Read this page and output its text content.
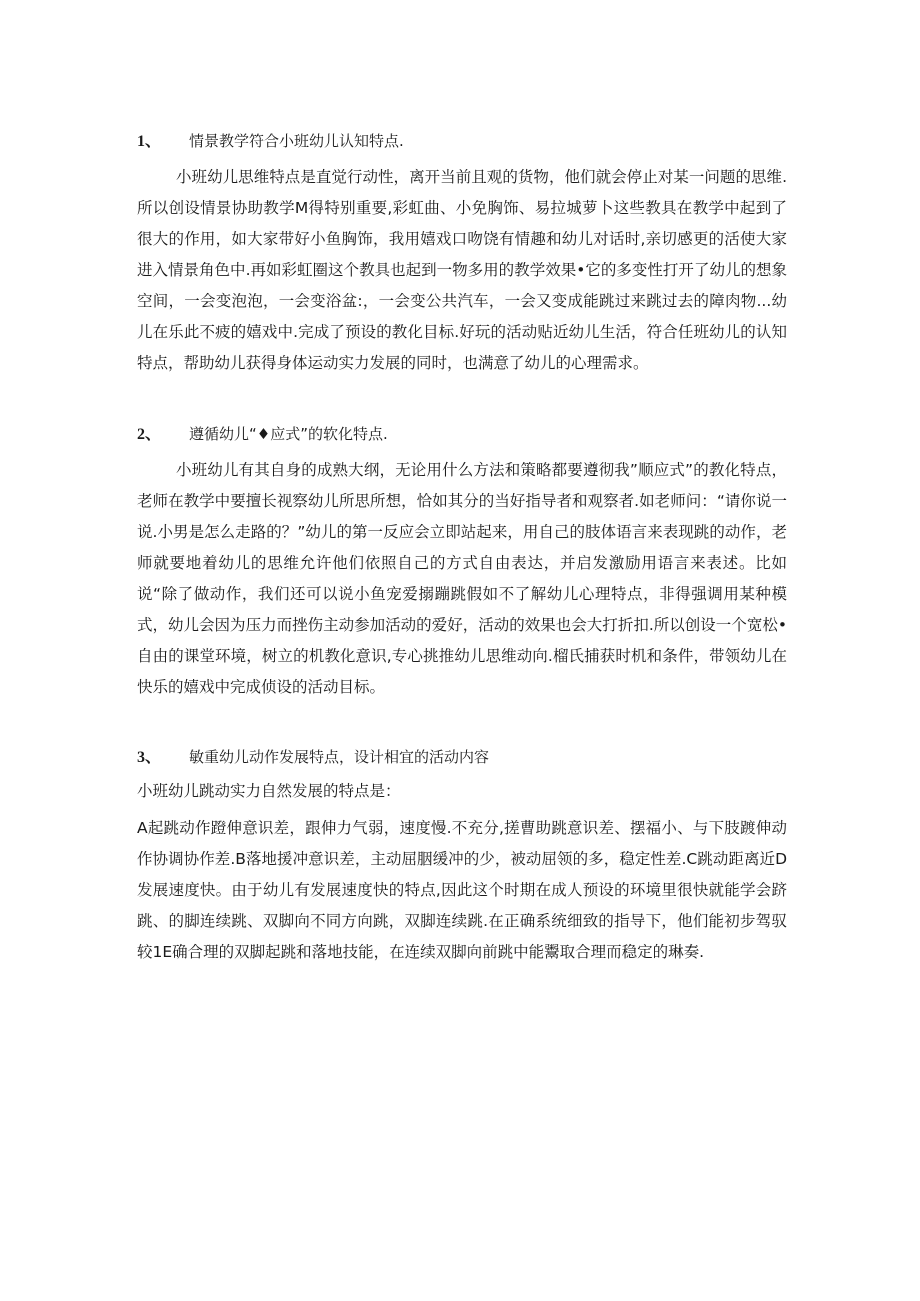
1、 情景教学符合小班幼儿认知特点.

小班幼儿思维特点是直觉行动性，离开当前且观的货物，他们就会停止对某一问题的思维.所以创设情景协助教学M得特别重要,彩虹曲、小免胸饰、易拉城萝卜这些教具在教学中起到了很大的作用，如大家带好小鱼胸饰，我用嬉戏口吻饶有情趣和幼儿对话时,亲切感更的活使大家进入情景角色中.再如彩虹圈这个教具也起到一物多用的教学效果•它的多变性打开了幼儿的想象空间，一会变泡泡，一会变浴盆:，一会变公共汽车，一会又变成能跳过来跳过去的障肉物...幼儿在乐此不疲的嬉戏中.完成了预设的教化目标.好玩的活动贴近幼儿生活，符合任班幼儿的认知特点，帮助幼儿获得身体运动实力发展的同时，也满意了幼儿的心理需求。

2、 遵循幼儿“♦应式”的软化特点.

小班幼儿有其自身的成熟大纲，无论用什么方法和策略都要遵彻我”顺应式”的教化特点，老师在教学中要擅长视察幼儿所思所想，恰如其分的当好指导者和观察者.如老师问：“请你说一说.小男是怎么走路的？”幼儿的第一反应会立即站起来，用自己的肢体语言来表现跳的动作，老师就要地着幼儿的思维允许他们依照自己的方式自由表达，并启发激励用语言来表述。比如说“除了做动作，我们还可以说小鱼宠爱搦蹦跳假如不了解幼儿心理特点，非得强调用某种模式，幼儿会因为压力而挫伤主动参加活动的爱好，活动的效果也会大打折扣.所以创设一个宽松•自由的课堂环境，树立的机教化意识,专心挑推幼儿思维动向.榴氏捕获时机和条件，带领幼儿在快乐的嬉戏中完成侦设的活动目标。

3、 敏重幼儿动作发展特点，设计相宜的活动内容

小班幼儿跳动实力自然发展的特点是：

A起跳动作蹬伸意识差，跟伸力气弱，速度慢.不充分,搓曹助跳意识差、摆福小、与下肢踱伸动作协调协作差.B落地援冲意识差，主动屈胭缓冲的少，被动屈领的多，稳定性差.C跳动距离近D发展速度快。由于幼儿有发展速度快的特点,因此这个时期在成人预设的环境里很快就能学会跻跳、的脚连续跳、双脚向不同方向跳，双脚连续跳.在正确系统细致的指导下，他们能初步驾驭较1E确合理的双脚起跳和落地技能，在连续双脚向前跳中能鬻取合理而稳定的琳奏.
